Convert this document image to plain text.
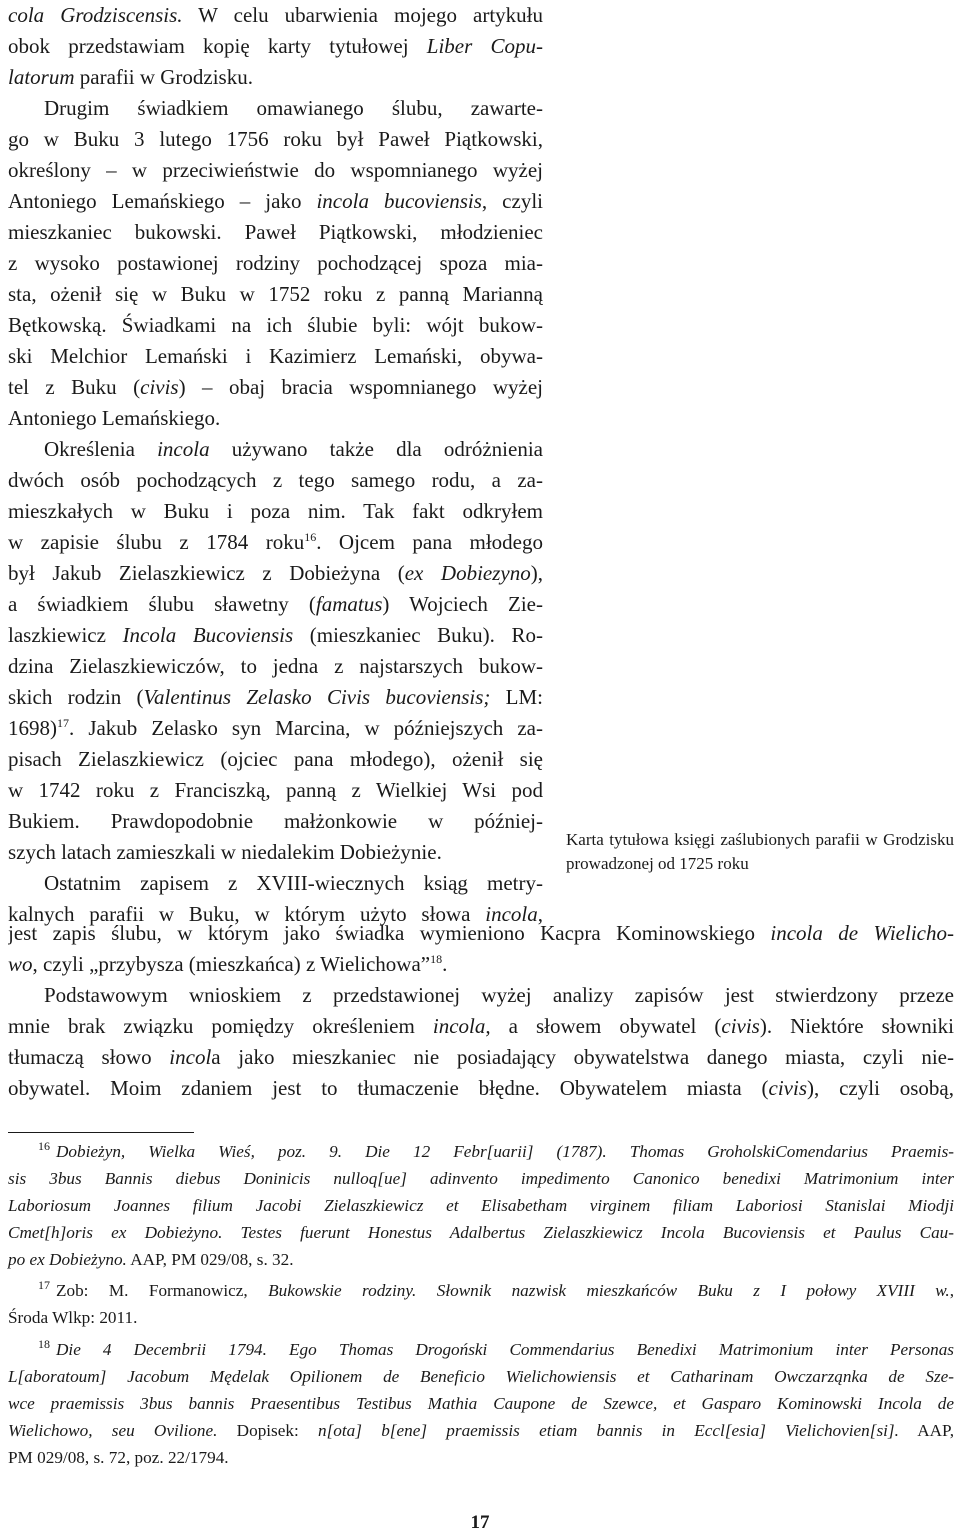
cola Grodziscensis. W celu ubarwienia mojego artykułu
obok przedstawiam kopię karty tytułowej Liber Copu-
latorum parafii w Grodzisku.
Drugim świadkiem omawianego ślubu, zawarte-
go w Buku 3 lutego 1756 roku był Paweł Piątkowski,
określony – w przeciwieństwie do wspomnianego wyżej
Antoniego Lemańskiego – jako incola bucoviensis, czyli
mieszkaniec bukowski. Paweł Piątkowski, młodzieniec
z wysoko postawionej rodziny pochodzącej spoza mia-
sta, ożenił się w Buku w 1752 roku z panną Marianną
Bętkowską. Świadkami na ich ślubie byli: wójt bukow-
ski Melchior Lemański i Kazimierz Lemański, obywa-
tel z Buku (civis) – obaj bracia wspomnianego wyżej
Antoniego Lemańskiego.
Określenia incola używano także dla odróżnienia
dwóch osób pochodzących z tego samego rodu, a za-
mieszkałych w Buku i poza nim. Tak fakt odkryłem
w zapisie ślubu z 1784 roku$^{16}$. Ojcem pana młodego
był Jakub Zielaszkiewicz z Dobieżyna (ex Dobiezyno),
a świadkiem ślubu sławetny (famatus) Wojciech Zie-
laszkiewicz Incola Bucoviensis (mieszkaniec Buku). Ro-
dzina Zielaszkiewiczów, to jedna z najstarszych bukow-
skich rodzin (Valentinus Zelasko Civis bucoviensis; LM:
1698)$^{17}$. Jakub Zelasko syn Marcina, w późniejszych za-
pisach Zielaszkiewicz (ojciec pana młodego), ożenił się
w 1742 roku z Franciszką, panną z Wielkiej Wsi pod
Bukiem. Prawdopodobnie małżonkowie w później-
szych latach zamieszkali w niedalekim Dobieżynie.
Ostatnim zapisem z XVIII-wiecznych ksiąg metry-
kalnych parafii w Buku, w którym użyto słowa incola,
Karta tytułowa księgi zaślubionych parafii w Grodzisku prowadzonej od 1725 roku
jest zapis ślubu, w którym jako świadka wymieniono Kacpra Kominowskiego incola de Wielicho-
wo, czyli „przybysza (mieszkańca) z Wielichowa”$^{18}$.
Podstawowym wnioskiem z przedstawionej wyżej analizy zapisów jest stwierdzony przeze
mnie brak związku pomiędzy określeniem incola, a słowem obywatel (civis). Niektóre słowniki
tłumaczą słowo incola jako mieszkaniec nie posiadający obywatelstwa danego miasta, czyli nie-
obywatel. Moim zdaniem jest to tłumaczenie błędne. Obywatelem miasta (civis), czyli osobą,
$^{16}$ Dobieżyn, Wielka Wieś, poz. 9. Die 12 Febr[uarii] (1787). Thomas GroholskiComendarius Praemis-
sis 3bus Bannis diebus Doninicis nulloq[ue] adinvento impedimento Canonico benedixi Matrimonium inter
Laboriosum Joannes filium Jacobi Zielaszkiewicz et Elisabetham virginem filiam Laboriosi Stanislai Miodji
Cmet[h]oris ex Dobieżyno. Testes fuerunt Honestus Adalbertus Zielaszkiewicz Incola Bucoviensis et Paulus Cau-
po ex Dobieżyno. AAP, PM 029/08, s. 32.
$^{17}$ Zob: M. Formanowicz, Bukowskie rodziny. Słownik nazwisk mieszkańców Buku z I połowy XVIII w.,
Środa Wlkp: 2011.
$^{18}$ Die 4 Decembrii 1794. Ego Thomas Drogoński Commendarius Benedixi Matrimonium inter Personas
L[aboratoum] Jacobum Mędelak Opilionem de Beneficio Wielichowiensis et Catharinam Owczarząnka de Sze-
wce praemissis 3bus bannis Praesentibus Testibus Mathia Caupone de Szewce, et Gasparo Kominowski Incola de
Wielichowo, seu Ovilione. Dopisek: n[ota] b[ene] praemissis etiam bannis in Eccl[esia] Vielichovien[si]. AAP,
PM 029/08, s. 72, poz. 22/1794.
17
